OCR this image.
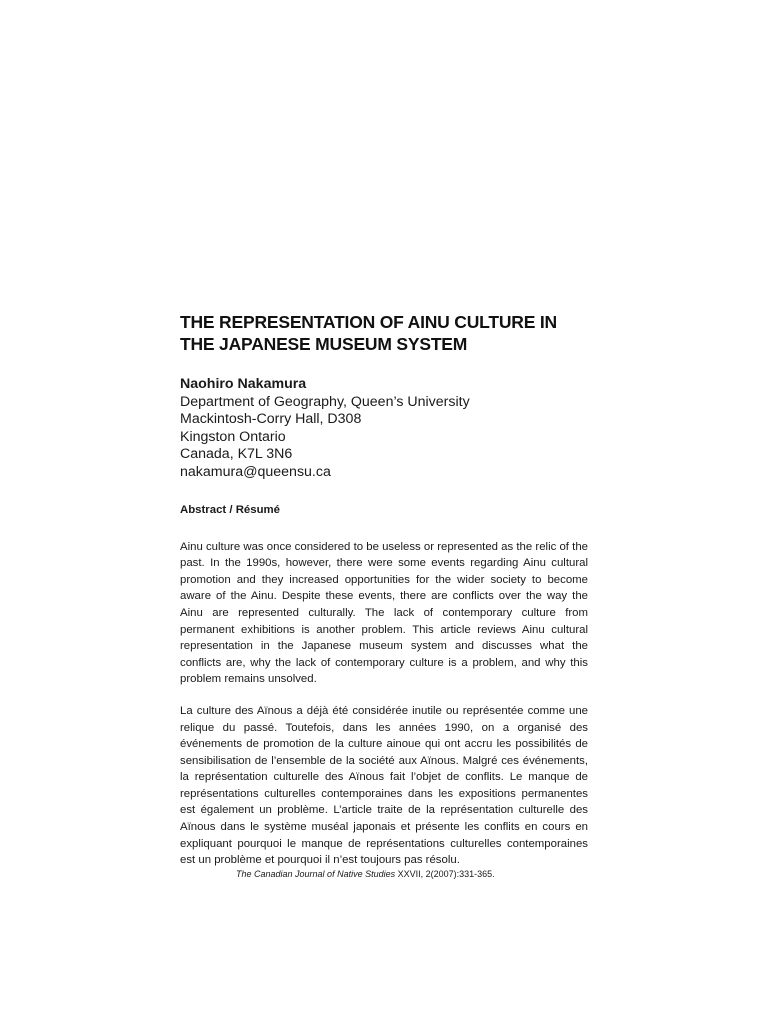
THE REPRESENTATION OF AINU CULTURE IN
THE JAPANESE MUSEUM SYSTEM
Naohiro Nakamura
Department of Geography, Queen’s University
Mackintosh-Corry Hall, D308
Kingston Ontario
Canada, K7L 3N6
nakamura@queensu.ca
Abstract / Résumé

Ainu culture was once considered to be useless or represented as the relic of the past. In the 1990s, however, there were some events regarding Ainu cultural promotion and they increased opportunities for the wider society to become aware of the Ainu. Despite these events, there are conflicts over the way the Ainu are represented culturally. The lack of contemporary culture from permanent exhibitions is another problem. This article reviews Ainu cultural representation in the Japanese museum system and discusses what the conflicts are, why the lack of contemporary culture is a problem, and why this problem remains unsolved.

La culture des Aïnous a déjà été considérée inutile ou représentée comme une relique du passé. Toutefois, dans les années 1990, on a organisé des événements de promotion de la culture ainoue qui ont accru les possibilités de sensibilisation de l’ensemble de la société aux Aïnous. Malgré ces événements, la représentation culturelle des Aïnous fait l’objet de conflits. Le manque de représentations culturelles contemporaines dans les expositions permanentes est également un problème. L’article traite de la représentation culturelle des Aïnous dans le système muséal japonais et présente les conflits en cours en expliquant pourquoi le manque de représentations culturelles contemporaines est un problème et pourquoi il n’est toujours pas résolu.

The Canadian Journal of Native Studies XXVII, 2(2007):331-365.
